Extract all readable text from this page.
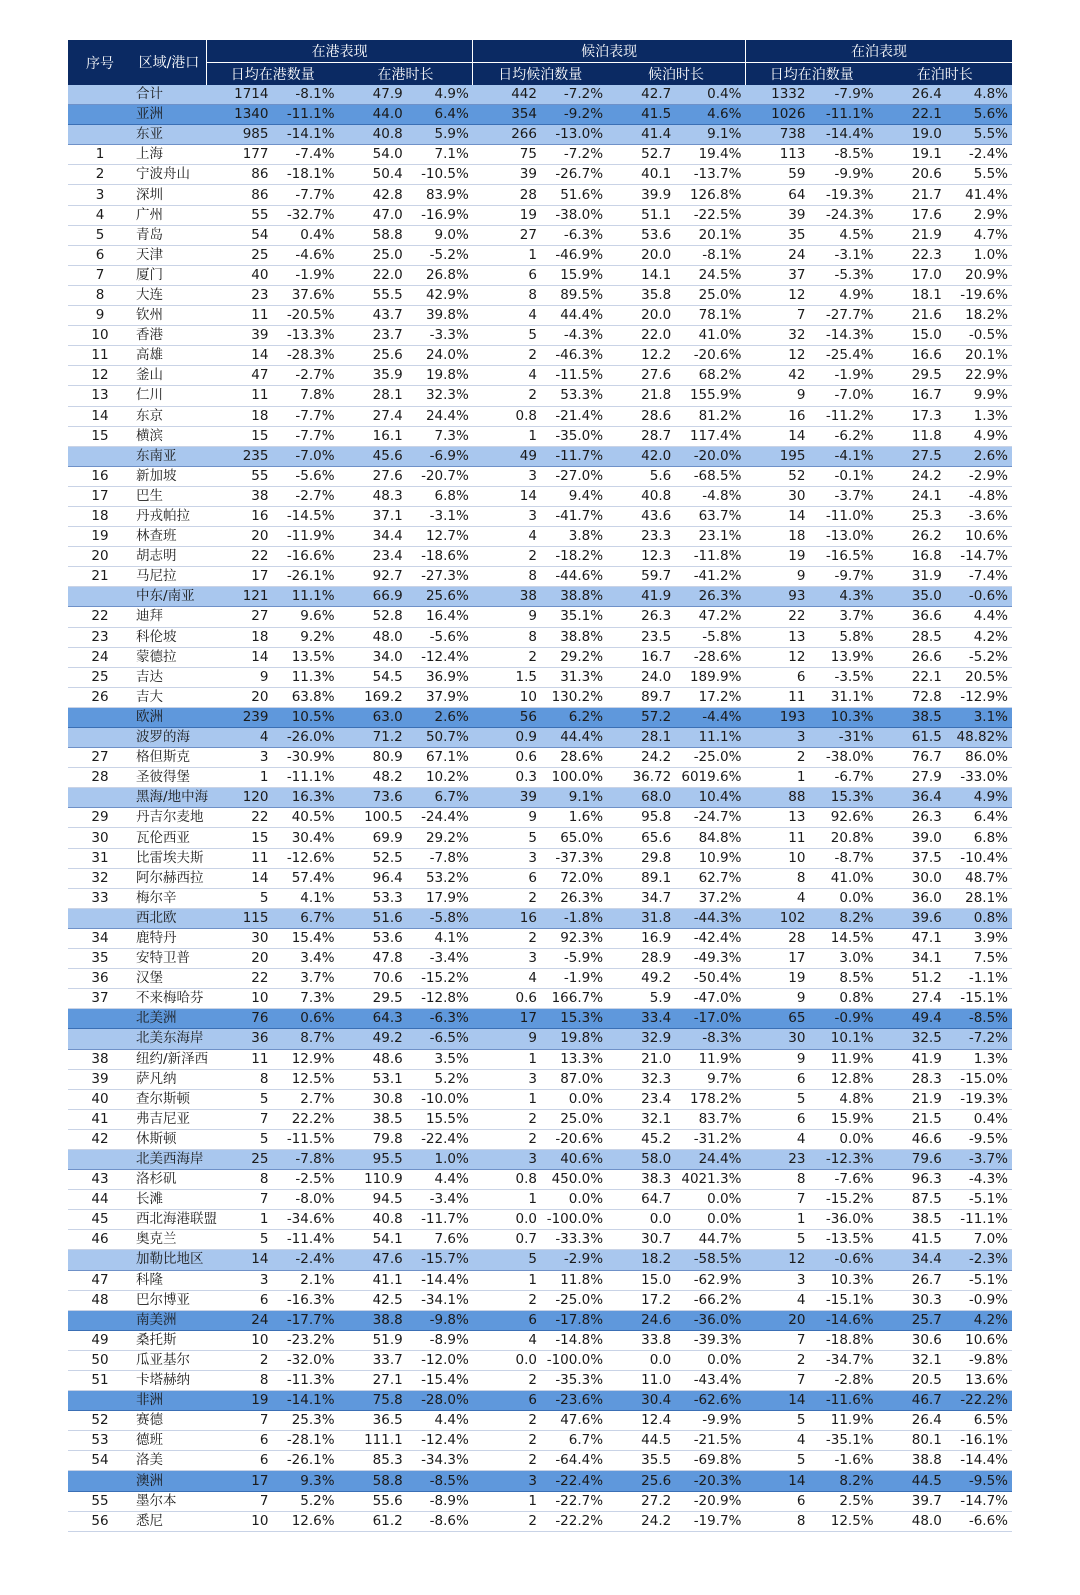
序号	区域/港口	在港表现				候泊表现				在泊表现			
		日均在港数量		在港时长		日均候泊数量		候泊时长		日均在泊数量		在泊时长	
	合计	1714	-8.1%	47.9	4.9%	442	-7.2%	42.7	0.4%	1332	-7.9%	26.4	4.8%
	亚洲	1340	-11.1%	44.0	6.4%	354	-9.2%	41.5	4.6%	1026	-11.1%	22.1	5.6%
	东亚	985	-14.1%	40.8	5.9%	266	-13.0%	41.4	9.1%	738	-14.4%	19.0	5.5%
1	上海	177	-7.4%	54.0	7.1%	75	-7.2%	52.7	19.4%	113	-8.5%	19.1	-2.4%
2	宁波舟山	86	-18.1%	50.4	-10.5%	39	-26.7%	40.1	-13.7%	59	-9.9%	20.6	5.5%
3	深圳	86	-7.7%	42.8	83.9%	28	51.6%	39.9	126.8%	64	-19.3%	21.7	41.4%
4	广州	55	-32.7%	47.0	-16.9%	19	-38.0%	51.1	-22.5%	39	-24.3%	17.6	2.9%
5	青岛	54	0.4%	58.8	9.0%	27	-6.3%	53.6	20.1%	35	4.5%	21.9	4.7%
6	天津	25	-4.6%	25.0	-5.2%	1	-46.9%	20.0	-8.1%	24	-3.1%	22.3	1.0%
7	厦门	40	-1.9%	22.0	26.8%	6	15.9%	14.1	24.5%	37	-5.3%	17.0	20.9%
8	大连	23	37.6%	55.5	42.9%	8	89.5%	35.8	25.0%	12	4.9%	18.1	-19.6%
9	钦州	11	-20.5%	43.7	39.8%	4	44.4%	20.0	78.1%	7	-27.7%	21.6	18.2%
10	香港	39	-13.3%	23.7	-3.3%	5	-4.3%	22.0	41.0%	32	-14.3%	15.0	-0.5%
11	高雄	14	-28.3%	25.6	24.0%	2	-46.3%	12.2	-20.6%	12	-25.4%	16.6	20.1%
12	釜山	47	-2.7%	35.9	19.8%	4	-11.5%	27.6	68.2%	42	-1.9%	29.5	22.9%
13	仁川	11	7.8%	28.1	32.3%	2	53.3%	21.8	155.9%	9	-7.0%	16.7	9.9%
14	东京	18	-7.7%	27.4	24.4%	0.8	-21.4%	28.6	81.2%	16	-11.2%	17.3	1.3%
15	横滨	15	-7.7%	16.1	7.3%	1	-35.0%	28.7	117.4%	14	-6.2%	11.8	4.9%
	东南亚	235	-7.0%	45.6	-6.9%	49	-11.7%	42.0	-20.0%	195	-4.1%	27.5	2.6%
16	新加坡	55	-5.6%	27.6	-20.7%	3	-27.0%	5.6	-68.5%	52	-0.1%	24.2	-2.9%
17	巴生	38	-2.7%	48.3	6.8%	14	9.4%	40.8	-4.8%	30	-3.7%	24.1	-4.8%
18	丹戎帕拉	16	-14.5%	37.1	-3.1%	3	-41.7%	43.6	63.7%	14	-11.0%	25.3	-3.6%
19	林查班	20	-11.9%	34.4	12.7%	4	3.8%	23.3	23.1%	18	-13.0%	26.2	10.6%
20	胡志明	22	-16.6%	23.4	-18.6%	2	-18.2%	12.3	-11.8%	19	-16.5%	16.8	-14.7%
21	马尼拉	17	-26.1%	92.7	-27.3%	8	-44.6%	59.7	-41.2%	9	-9.7%	31.9	-7.4%
	中东/南亚	121	11.1%	66.9	25.6%	38	38.8%	41.9	26.3%	93	4.3%	35.0	-0.6%
22	迪拜	27	9.6%	52.8	16.4%	9	35.1%	26.3	47.2%	22	3.7%	36.6	4.4%
23	科伦坡	18	9.2%	48.0	-5.6%	8	38.8%	23.5	-5.8%	13	5.8%	28.5	4.2%
24	蒙德拉	14	13.5%	34.0	-12.4%	2	29.2%	16.7	-28.6%	12	13.9%	26.6	-5.2%
25	吉达	9	11.3%	54.5	36.9%	1.5	31.3%	24.0	189.9%	6	-3.5%	22.1	20.5%
26	吉大	20	63.8%	169.2	37.9%	10	130.2%	89.7	17.2%	11	31.1%	72.8	-12.9%
	欧洲	239	10.5%	63.0	2.6%	56	6.2%	57.2	-4.4%	193	10.3%	38.5	3.1%
	波罗的海	4	-26.0%	71.2	50.7%	0.9	44.4%	28.1	11.1%	3	-31%	61.5	48.82%
27	格但斯克	3	-30.9%	80.9	67.1%	0.6	28.6%	24.2	-25.0%	2	-38.0%	76.7	86.0%
28	圣彼得堡	1	-11.1%	48.2	10.2%	0.3	100.0%	36.72	6019.6%	1	-6.7%	27.9	-33.0%
	黑海/地中海	120	16.3%	73.6	6.7%	39	9.1%	68.0	10.4%	88	15.3%	36.4	4.9%
29	丹吉尔麦地	22	40.5%	100.5	-24.4%	9	1.6%	95.8	-24.7%	13	92.6%	26.3	6.4%
30	瓦伦西亚	15	30.4%	69.9	29.2%	5	65.0%	65.6	84.8%	11	20.8%	39.0	6.8%
31	比雷埃夫斯	11	-12.6%	52.5	-7.8%	3	-37.3%	29.8	10.9%	10	-8.7%	37.5	-10.4%
32	阿尔赫西拉	14	57.4%	96.4	53.2%	6	72.0%	89.1	62.7%	8	41.0%	30.0	48.7%
33	梅尔辛	5	4.1%	53.3	17.9%	2	26.3%	34.7	37.2%	4	0.0%	36.0	28.1%
	西北欧	115	6.7%	51.6	-5.8%	16	-1.8%	31.8	-44.3%	102	8.2%	39.6	0.8%
34	鹿特丹	30	15.4%	53.6	4.1%	2	92.3%	16.9	-42.4%	28	14.5%	47.1	3.9%
35	安特卫普	20	3.4%	47.8	-3.4%	3	-5.9%	28.9	-49.3%	17	3.0%	34.1	7.5%
36	汉堡	22	3.7%	70.6	-15.2%	4	-1.9%	49.2	-50.4%	19	8.5%	51.2	-1.1%
37	不来梅哈芬	10	7.3%	29.5	-12.8%	0.6	166.7%	5.9	-47.0%	9	0.8%	27.4	-15.1%
	北美洲	76	0.6%	64.3	-6.3%	17	15.3%	33.4	-17.0%	65	-0.9%	49.4	-8.5%
	北美东海岸	36	8.7%	49.2	-6.5%	9	19.8%	32.9	-8.3%	30	10.1%	32.5	-7.2%
38	纽约/新泽西	11	12.9%	48.6	3.5%	1	13.3%	21.0	11.9%	9	11.9%	41.9	1.3%
39	萨凡纳	8	12.5%	53.1	5.2%	3	87.0%	32.3	9.7%	6	12.8%	28.3	-15.0%
40	查尔斯顿	5	2.7%	30.8	-10.0%	1	0.0%	23.4	178.2%	5	4.8%	21.9	-19.3%
41	弗吉尼亚	7	22.2%	38.5	15.5%	2	25.0%	32.1	83.7%	6	15.9%	21.5	0.4%
42	休斯顿	5	-11.5%	79.8	-22.4%	2	-20.6%	45.2	-31.2%	4	0.0%	46.6	-9.5%
	北美西海岸	25	-7.8%	95.5	1.0%	3	40.6%	58.0	24.4%	23	-12.3%	79.6	-3.7%
43	洛杉矶	8	-2.5%	110.9	4.4%	0.8	450.0%	38.3	4021.3%	8	-7.6%	96.3	-4.3%
44	长滩	7	-8.0%	94.5	-3.4%	1	0.0%	64.7	0.0%	7	-15.2%	87.5	-5.1%
45	西北海港联盟	1	-34.6%	40.8	-11.7%	0.0	-100.0%	0.0	0.0%	1	-36.0%	38.5	-11.1%
46	奥克兰	5	-11.4%	54.1	7.6%	0.7	-33.3%	30.7	44.7%	5	-13.5%	41.5	7.0%
	加勒比地区	14	-2.4%	47.6	-15.7%	5	-2.9%	18.2	-58.5%	12	-0.6%	34.4	-2.3%
47	科隆	3	2.1%	41.1	-14.4%	1	11.8%	15.0	-62.9%	3	10.3%	26.7	-5.1%
48	巴尔博亚	6	-16.3%	42.5	-34.1%	2	-25.0%	17.2	-66.2%	4	-15.1%	30.3	-0.9%
	南美洲	24	-17.7%	38.8	-9.8%	6	-17.8%	24.6	-36.0%	20	-14.6%	25.7	4.2%
49	桑托斯	10	-23.2%	51.9	-8.9%	4	-14.8%	33.8	-39.3%	7	-18.8%	30.6	10.6%
50	瓜亚基尔	2	-32.0%	33.7	-12.0%	0.0	-100.0%	0.0	0.0%	2	-34.7%	32.1	-9.8%
51	卡塔赫纳	8	-11.3%	27.1	-15.4%	2	-35.3%	11.0	-43.4%	7	-2.8%	20.5	13.6%
	非洲	19	-14.1%	75.8	-28.0%	6	-23.6%	30.4	-62.6%	14	-11.6%	46.7	-22.2%
52	赛德	7	25.3%	36.5	4.4%	2	47.6%	12.4	-9.9%	5	11.9%	26.4	6.5%
53	德班	6	-28.1%	111.1	-12.4%	2	6.7%	44.5	-21.5%	4	-35.1%	80.1	-16.1%
54	洛美	6	-26.1%	85.3	-34.3%	2	-64.4%	35.5	-69.8%	5	-1.6%	38.8	-14.4%
	澳洲	17	9.3%	58.8	-8.5%	3	-22.4%	25.6	-20.3%	14	8.2%	44.5	-9.5%
55	墨尔本	7	5.2%	55.6	-8.9%	1	-22.7%	27.2	-20.9%	6	2.5%	39.7	-14.7%
56	悉尼	10	12.6%	61.2	-8.6%	2	-22.2%	24.2	-19.7%	8	12.5%	48.0	-6.6%
